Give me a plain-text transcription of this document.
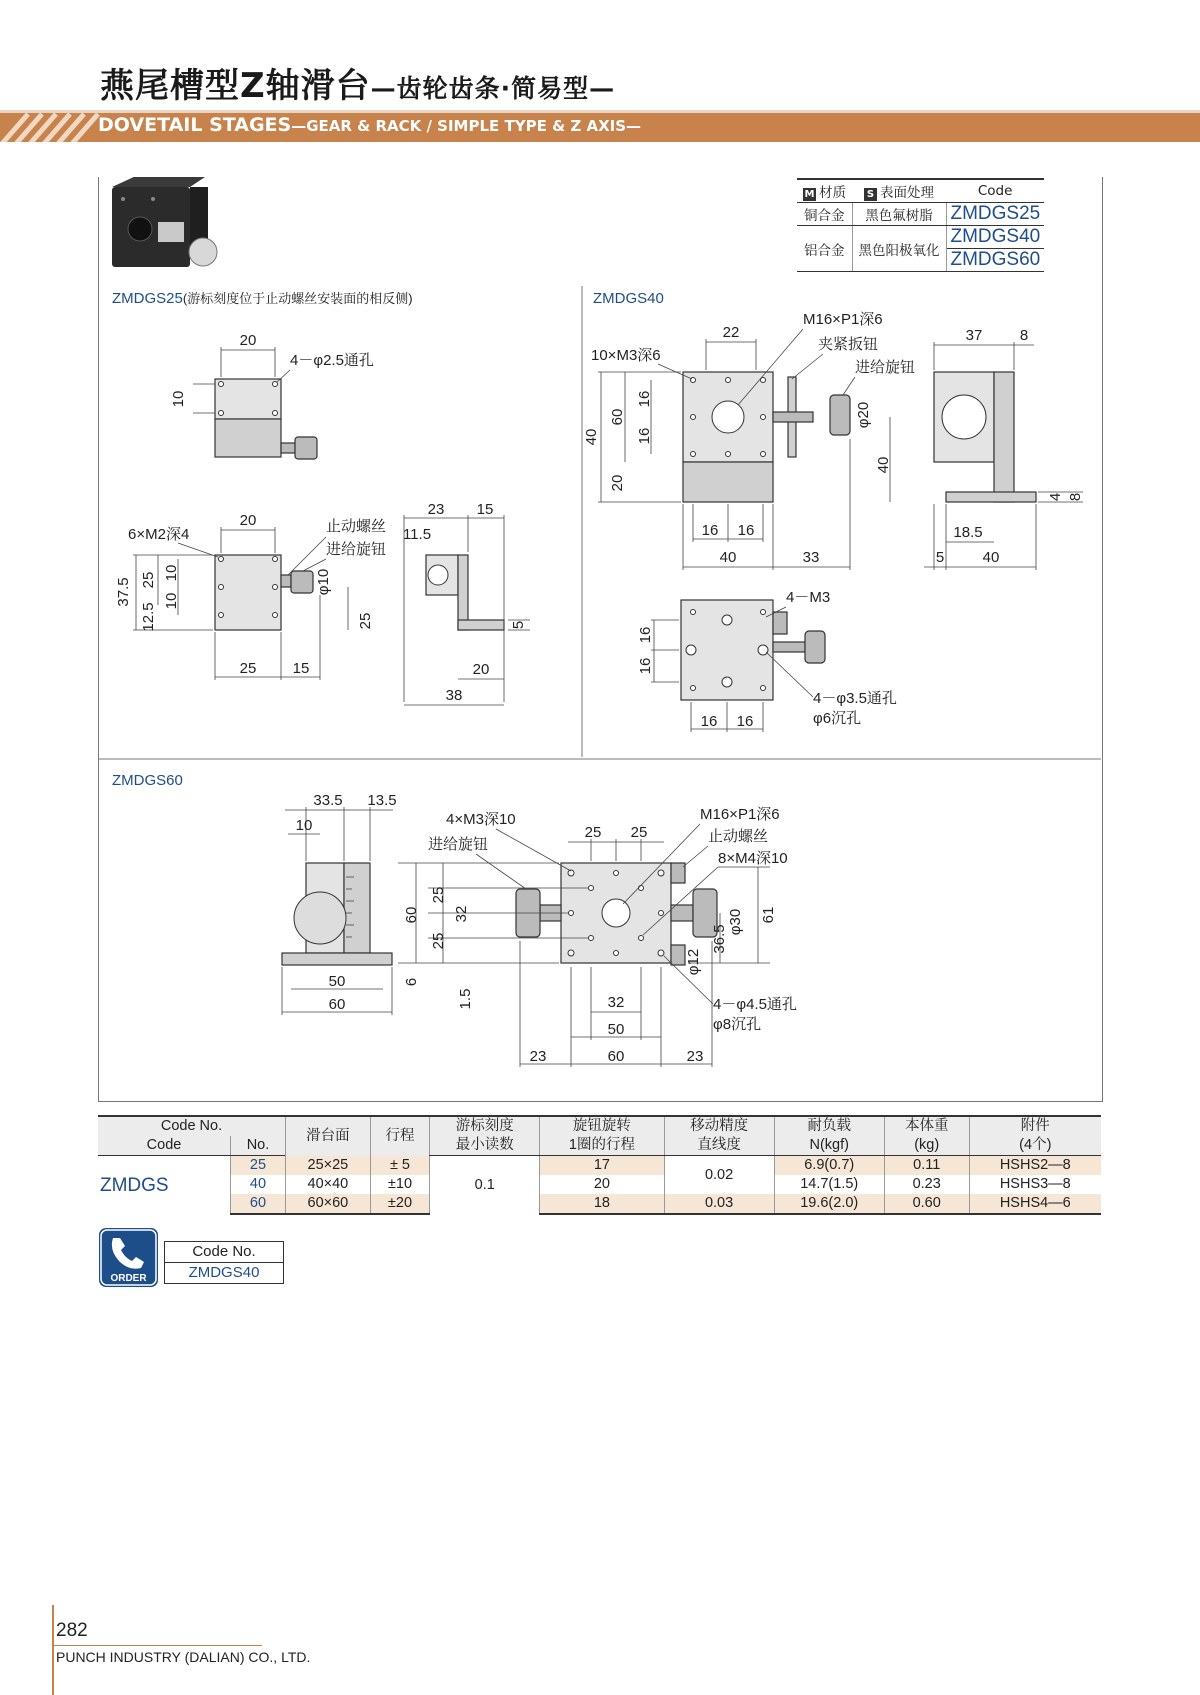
燕尾槽型Z轴滑台—齿轮齿条·简易型—
DOVETAIL STAGES—GEAR & RACK / SIMPLE TYPE & Z AXIS—
M 材质	S 表面处理	Code
铜合金	黑色氟树脂	ZMDGS25
铝合金	黑色阳极氧化	ZMDGS40
		ZMDGS60
ZMDGS25(游标刻度位于止动螺丝安装面的相反侧)
20
4－φ2.5通孔
10
20
6×M2深4	止动螺丝
进给旋钮
37.5 25 10
10
12.5
φ10
25
25 15
23 15
11.5
5
20
38
ZMDGS40
M16×P1深6
22
10×M3深6
夹紧扳钮
进给旋钮
40
60
20
16
16
φ20
40
16 16
40	33
37 8
18.5
4 8
5	40
4－M3
16
16
4－φ3.5通孔
φ6沉孔
16 16
ZMDGS60
33.5 13.5
10
50
60
4×M3深10
进给旋钮
25 25
M16×P1深6
止动螺丝
8×M4深10
60
25
32
25
6
1.5
φ30 61
36.5
φ12
4－φ4.5通孔
φ8沉孔
32
50
23	60	23
Code No.		滑台面	行程	游标刻度	旋钮旋转	移动精度	耐负载	本体重	附件
Code	No.			最小读数	1圈的行程	直线度	N(kgf)	(kg)	(4个)
ZMDGS	25	25×25	± 5	0.1	17	0.02	6.9(0.7)	0.11	HSHS2—8
	40	40×40	±10		20		14.7(1.5)	0.23	HSHS3—8
	60	60×60	±20		18	0.03	19.6(2.0)	0.60	HSHS4—6
ORDER
Code No.
ZMDGS40
282
PUNCH INDUSTRY (DALIAN) CO., LTD.
